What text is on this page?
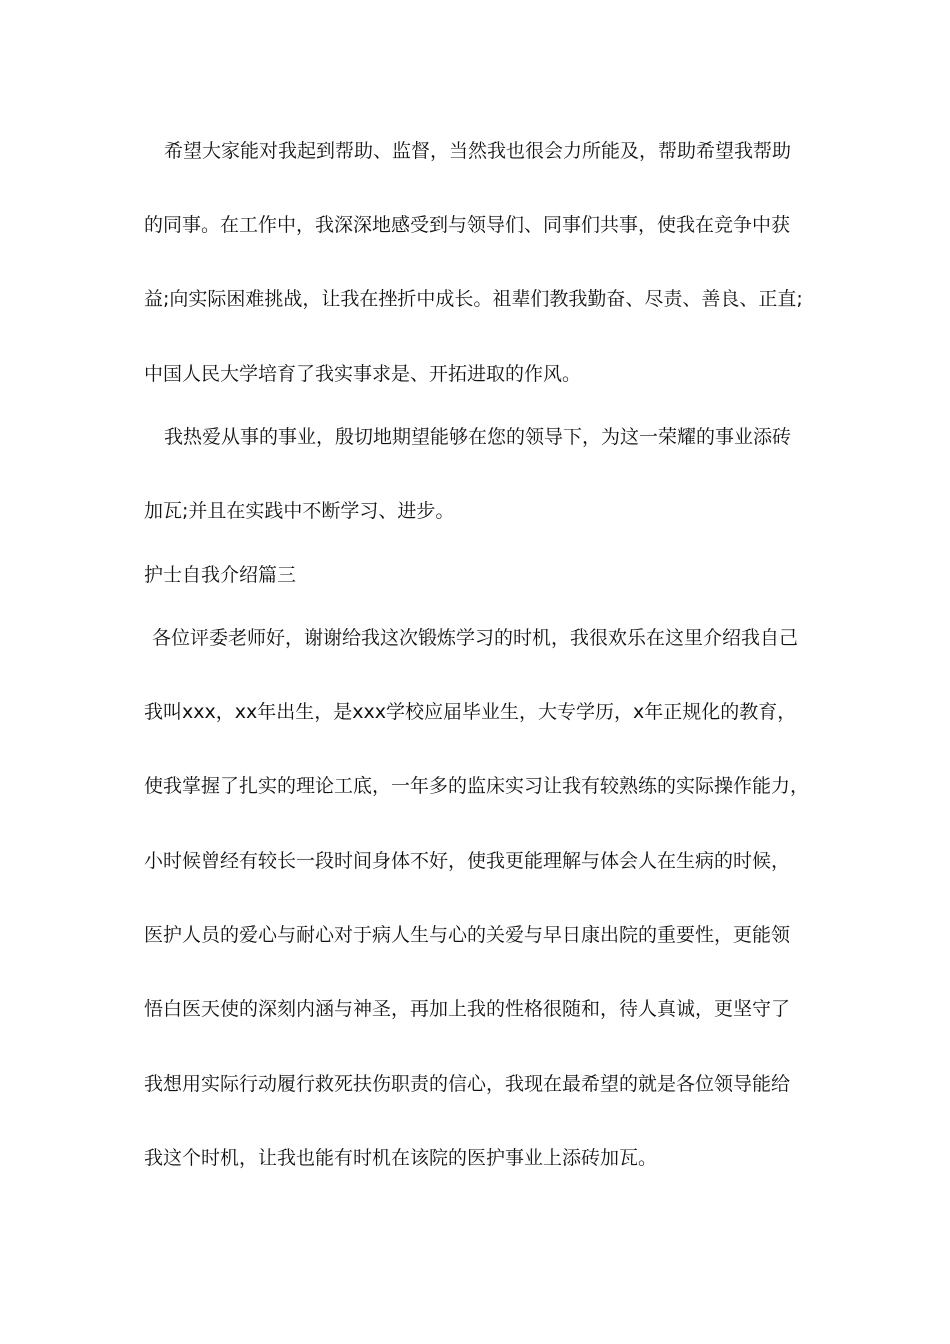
希望大家能对我起到帮助、监督，当然我也很会力所能及，帮助希望我帮助
的同事。在工作中，我深深地感受到与领导们、同事们共事，使我在竞争中获
益;向实际困难挑战，让我在挫折中成长。祖辈们教我勤奋、尽责、善良、正直;
中国人民大学培育了我实事求是、开拓进取的作风。
我热爱从事的事业，殷切地期望能够在您的领导下，为这一荣耀的事业添砖
加瓦;并且在实践中不断学习、进步。
护士自我介绍篇三
各位评委老师好，谢谢给我这次锻炼学习的时机，我很欢乐在这里介绍我自己
我叫xxx，xx年出生，是xxx学校应届毕业生，大专学历，x年正规化的教育，
使我掌握了扎实的理论工底，一年多的监床实习让我有较熟练的实际操作能力，
小时候曾经有较长一段时间身体不好，使我更能理解与体会人在生病的时候，
医护人员的爱心与耐心对于病人生与心的关爱与早日康出院的重要性，更能领
悟白医天使的深刻内涵与神圣，再加上我的性格很随和，待人真诚，更坚守了
我想用实际行动履行救死扶伤职责的信心，我现在最希望的就是各位领导能给
我这个时机，让我也能有时机在该院的医护事业上添砖加瓦。
